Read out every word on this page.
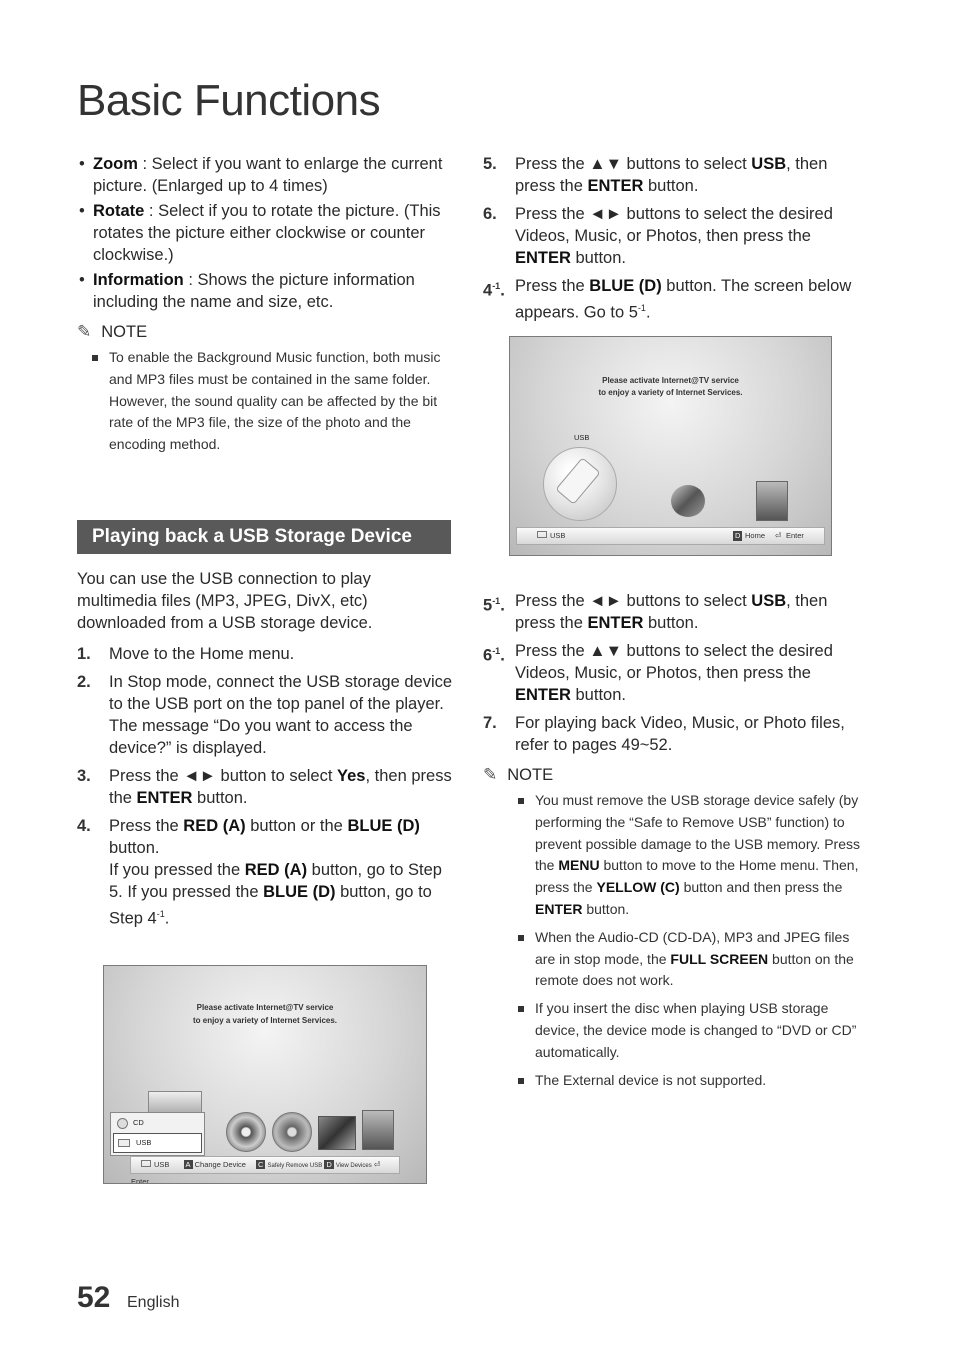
Basic Functions
• Zoom : Select if you want to enlarge the current picture. (Enlarged up to 4 times)
• Rotate : Select if you to rotate the picture. (This rotates the picture either clockwise or counter clockwise.)
• Information : Shows the picture information including the name and size, etc.
✎ NOTE
To enable the Background Music function, both music and MP3 files must be contained in the same folder. However, the sound quality can be affected by the bit rate of the MP3 file, the size of the photo and the encoding method.
Playing back a USB Storage Device
You can use the USB connection to play multimedia files (MP3, JPEG, DivX, etc) downloaded from a USB storage device.
1.	Move to the Home menu.
2.	In Stop mode, connect the USB storage device to the USB port on the top panel of the player.
The message “Do you want to access the device?” is displayed.
3.	Press the ◄► button to select Yes, then press the ENTER button.
4.	Press the RED (A) button or the BLUE (D) button.
If you pressed the RED (A) button, go to Step 5. If you pressed the BLUE (D) button, go to Step $4^{-1}$.
Please activate Internet@TV service
to enjoy a variety of Internet Services.
CD
USB
USB A Change Device C Safely Remove USB D View Devices ⏎ Enter
5.	Press the ▲▼ buttons to select USB, then press the ENTER button.
6.	Press the ◄► buttons to select the desired Videos, Music, or Photos, then press the ENTER button.
$4^{-1}$. Press the BLUE (D) button. The screen below appears. Go to $5^{-1}$.
Please activate Internet@TV service
to enjoy a variety of Internet Services.
USB
USB	D Home ⏎ Enter
$5^{-1}$. Press the ◄► buttons to select USB, then press the ENTER button.
$6^{-1}$. Press the ▲▼ buttons to select the desired Videos, Music, or Photos, then press the ENTER button.
7.	For playing back Video, Music, or Photo files, refer to pages 49~52.
✎ NOTE
You must remove the USB storage device safely (by performing the “Safe to Remove USB” function) to prevent possible damage to the USB memory. Press the MENU button to move to the Home menu. Then, press the YELLOW (C) button and then press the ENTER button.
When the Audio-CD (CD-DA), MP3 and JPEG files are in stop mode, the FULL SCREEN button on the remote does not work.
If you insert the disc when playing USB storage device, the device mode is changed to “DVD or CD” automatically.
The External device is not supported.
52 English
